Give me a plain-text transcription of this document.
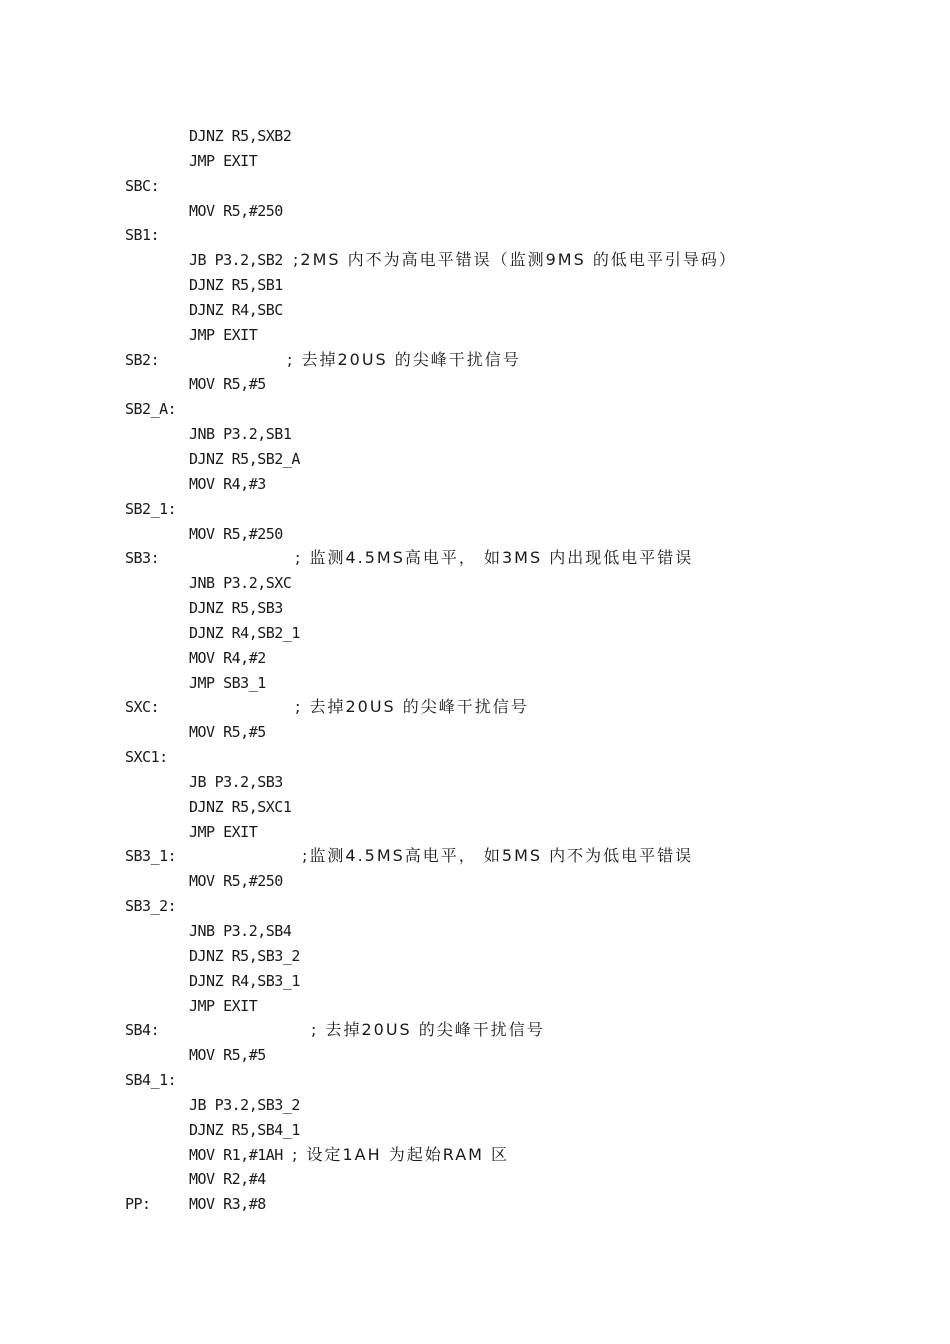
DJNZ R5,SXB2
JMP EXIT
SBC:
MOV R5,#250
SB1:
JB P3.2,SB2 ;2MS 内不为高电平错误（监测9MS 的低电平引导码）
DJNZ R5,SB1
DJNZ R4,SBC
JMP EXIT
SB2:	; 去掉20US 的尖峰干扰信号
MOV R5,#5
SB2_A:
JNB P3.2,SB1
DJNZ R5,SB2_A
MOV R4,#3
SB2_1:
MOV R5,#250
SB3:	; 监测4.5MS高电平， 如3MS 内出现低电平错误
JNB P3.2,SXC
DJNZ R5,SB3
DJNZ R4,SB2_1
MOV R4,#2
JMP SB3_1
SXC:	; 去掉20US 的尖峰干扰信号
MOV R5,#5
SXC1:
JB P3.2,SB3
DJNZ R5,SXC1
JMP EXIT
SB3_1:	;监测4.5MS高电平， 如5MS 内不为低电平错误
MOV R5,#250
SB3_2:
JNB P3.2,SB4
DJNZ R5,SB3_2
DJNZ R4,SB3_1
JMP EXIT
SB4:	; 去掉20US 的尖峰干扰信号
MOV R5,#5
SB4_1:
JB P3.2,SB3_2
DJNZ R5,SB4_1
MOV R1,#1AH ; 设定1AH 为起始RAM 区
MOV R2,#4
PP:	MOV R3,#8
